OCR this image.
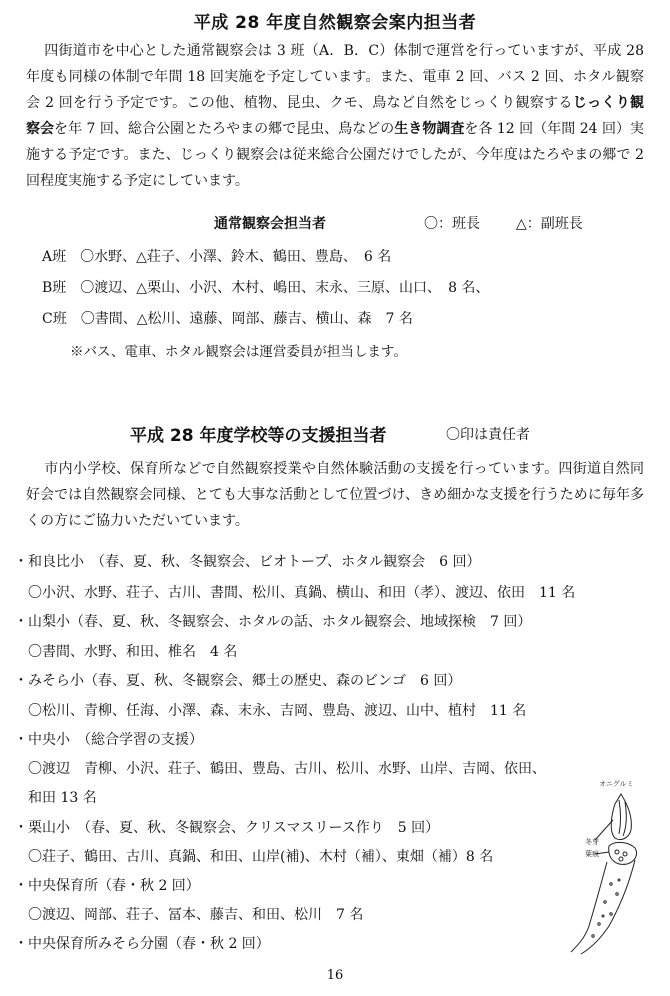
平成 28 年度自然観察会案内担当者
四街道市を中心とした通常観察会は 3 班（A．B．C）体制で運営を行っていますが、平成 28 年度も同様の体制で年間 18 回実施を予定しています。また、電車 2 回、バス 2 回、ホタル観察会 2 回を行う予定です。この他、植物、昆虫、クモ、鳥など自然をじっくり観察するじっくり観察会を年 7 回、総合公園とたろやまの郷で昆虫、鳥などの生き物調査を各 12 回（年間 24 回）実施する予定です。また、じっくり観察会は従来総合公園だけでしたが、今年度はたろやまの郷で 2 回程度実施する予定にしています。
通常観察会担当者	〇：班長	△：副班長
A班　 〇水野、△荘子、小澤、鈴木、鶴田、豊島、　 6 名
B班　 〇渡辺、△栗山、小沢、木村、嶋田、末永、三原、山口、　 8 名、
C班　 〇書間、△松川、遠藤、岡部、藤吉、横山、森　 7 名
※バス、電車、ホタル観察会は運営委員が担当します。
平成 28 年度学校等の支援担当者	〇印は責任者
市内小学校、保育所などで自然観察授業や自然体験活動の支援を行っています。四街道自然同好会では自然観察会同様、とても大事な活動として位置づけ、きめ細かな支援を行うために毎年多くの方にご協力いただいています。
・和良比小　（春、夏、秋、冬観察会、ビオトープ、ホタル観察会　6 回）
　〇小沢、水野、荘子、古川、書間、松川、真鍋、横山、和田（孝）、渡辺、依田　11 名
・山梨小（春、夏、秋、冬観察会、ホタルの話、ホタル観察会、地域探検　7 回）
　〇書間、水野、和田、椎名　4 名
・みそら小（春、夏、秋、冬観察会、郷土の歴史、森のビンゴ　6 回）
　〇松川、青柳、任海、小澤、森、末永、吉岡、豊島、渡辺、山中、植村　11 名
・中央小　（総合学習の支援）
　〇渡辺　青柳、小沢、荘子、鶴田、豊島、古川、松川、水野、山岸、吉岡、依田、
　和田 13 名
・栗山小　（春、夏、秋、冬観察会、クリスマスリース作り　5 回）
　〇荘子、鶴田、古川、真鍋、和田、山岸(補)、木村（補）、東畑（補）8 名
・中央保育所（春・秋 2 回）
　〇渡辺、岡部、荘子、冨本、藤吉、和田、松川　7 名
・中央保育所みそら分園（春・秋 2 回）
オニグルミ
冬芽
葉痕
16
